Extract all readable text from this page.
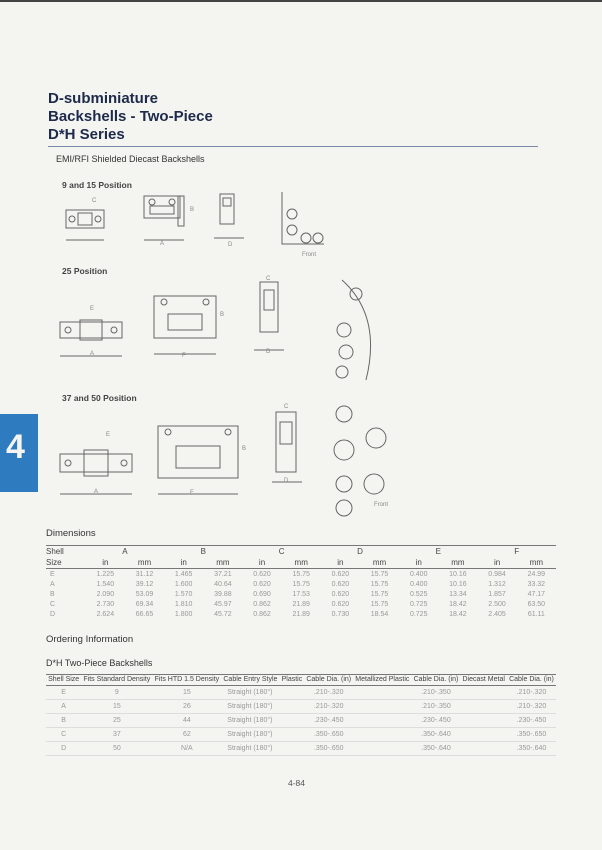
D-subminiature
Backshells - Two-Piece
D*H Series
EMI/RFI Shielded Diecast Backshells
4
9 and 15 Position
C
B
A	D
Front
25 Position
E
A
B
F
C
D
37 and 50 Position
E
A
B
F
C
D
Front
Dimensions
Shell	A		B		C		D		E		F	
Size	in	mm	in	mm	in	mm	in	mm	in	mm	in	mm
E	1.225	31.12	1.465	37.21	0.620	15.75	0.620	15.75	0.400	10.16	0.984	24.99
A	1.540	39.12	1.600	40.64	0.620	15.75	0.620	15.75	0.400	10.16	1.312	33.32
B	2.090	53.09	1.570	39.88	0.690	17.53	0.620	15.75	0.525	13.34	1.857	47.17
C	2.730	69.34	1.810	45.97	0.862	21.89	0.620	15.75	0.725	18.42	2.500	63.50
D	2.624	66.65	1.800	45.72	0.862	21.89	0.730	18.54	0.725	18.42	2.405	61.11
Ordering Information
D*H Two-Piece Backshells
Shell Size	Fits Standard Density	Fits HTD 1.5 Density	Cable Entry Style	Plastic	Cable Dia. (in)	Metallized Plastic	Cable Dia. (in)	Diecast Metal	Cable Dia. (in)
E	9	15	Straight (180°)		.210-.320		.210-.350		.210-.320
A	15	26	Straight (180°)		.210-.320		.210-.350		.210-.320
B	25	44	Straight (180°)		.230-.450		.230-.450		.230-.450
C	37	62	Straight (180°)		.350-.650		.350-.640		.350-.650
D	50	N/A	Straight (180°)		.350-.650		.350-.640		.350-.640
4-84
